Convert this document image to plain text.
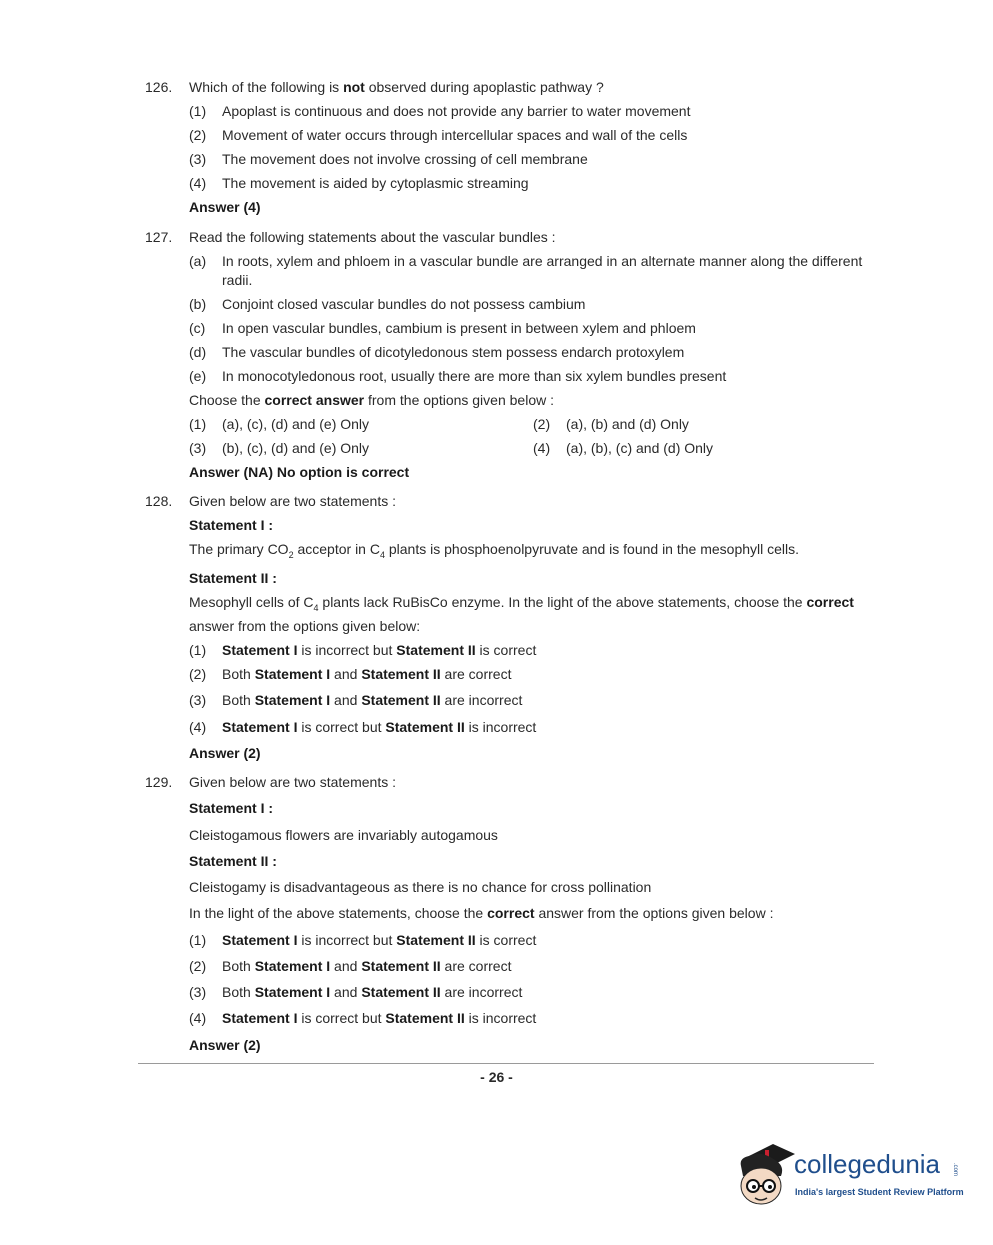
126. Which of the following is not observed during apoplastic pathway ?
(1) Apoplast is continuous and does not provide any barrier to water movement
(2) Movement of water occurs through intercellular spaces and wall of the cells
(3) The movement does not involve crossing of cell membrane
(4) The movement is aided by cytoplasmic streaming
Answer (4)
127. Read the following statements about the vascular bundles :
(a) In roots, xylem and phloem in a vascular bundle are arranged in an alternate manner along the different
radii.
(b) Conjoint closed vascular bundles do not possess cambium
(c) In open vascular bundles, cambium is present in between xylem and phloem
(d) The vascular bundles of dicotyledonous stem possess endarch protoxylem
(e) In monocotyledonous root, usually there are more than six xylem bundles present
Choose the correct answer from the options given below :
(1) (a), (c), (d) and (e) Only	(2) (a), (b) and (d) Only
(3) (b), (c), (d) and (e) Only	(4) (a), (b), (c) and (d) Only
Answer (NA) No option is correct
128. Given below are two statements :
Statement I :
The primary $CO_2$ acceptor in $C_4$ plants is phosphoenolpyruvate and is found in the mesophyll cells.
Statement II :
Mesophyll cells of $C_4$ plants lack RuBisCo enzyme. In the light of the above statements, choose the correct
answer from the options given below:
(1) Statement I is incorrect but Statement II is correct
(2) Both Statement I and Statement II are correct
(3) Both Statement I and Statement II are incorrect
(4) Statement I is correct but Statement II is incorrect
Answer (2)
129. Given below are two statements :
Statement I :
Cleistogamous flowers are invariably autogamous
Statement II :
Cleistogamy is disadvantageous as there is no chance for cross pollination
In the light of the above statements, choose the correct answer from the options given below :
(1) Statement I is incorrect but Statement II is correct
(2) Both Statement I and Statement II are correct
(3) Both Statement I and Statement II are incorrect
(4) Statement I is correct but Statement II is incorrect
Answer (2)
- 26 -
collegedunia .com
India's largest Student Review Platform
